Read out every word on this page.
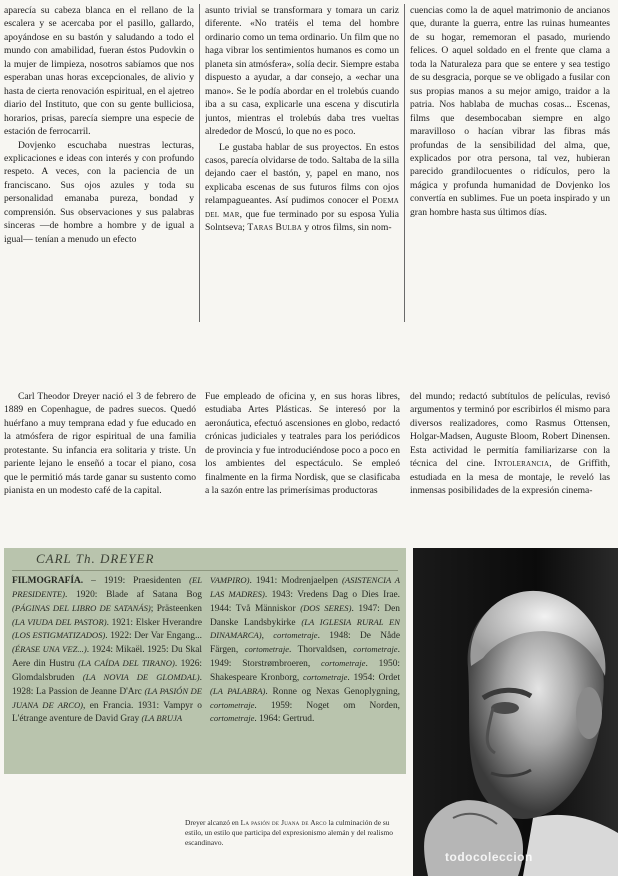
aparecía su cabeza blanca en el rellano de la escalera y se acercaba por el pasillo, gallardo, apoyándose en su bastón y saludando a todo el mundo con amabilidad, fueran éstos Pudovkin o la mujer de limpieza, nosotros sabíamos que nos esperaban unas horas excepcionales, de alivio y hasta de cierta renovación espiritual, en el ajetreo diario del Instituto, que con su gente bulliciosa, horarios, prisas, parecía siempre una especie de estación de ferrocarril.

Dovjenko escuchaba nuestras lecturas, explicaciones e ideas con interés y con profundo respeto. A veces, con la paciencia de un franciscano. Sus ojos azules y toda su personalidad emanaba pureza, bondad y comprensión. Sus observaciones y sus palabras sinceras —de hombre a hombre y de igual a igual— tenían a menudo un efecto

asunto trivial se transformara y tomara un cariz diferente. «No tratéis el tema del hombre ordinario como un tema ordinario. Un film que no haga vibrar los sentimientos humanos es como un planeta sin atmósfera», solía decir. Siempre estaba dispuesto a ayudar, a dar consejo, a «echar una mano». Se le podía abordar en el trolebús cuando iba a su casa, explicarle una escena y discutirla juntos, mientras el trolebús daba tres vueltas alrededor de Moscú, lo que no es poco.

Le gustaba hablar de sus proyectos. En estos casos, parecía olvidarse de todo. Saltaba de la silla dejando caer el bastón, y, papel en mano, nos explicaba escenas de sus futuros films con ojos relampagueantes. Así pudimos conocer el Poema del mar, que fue terminado por su esposa Yulia Solntseva; Taras Bulba y otros films, sin nom-

cuencias como la de aquel matrimonio de ancianos que, durante la guerra, entre las ruinas humeantes de su hogar, rememoran el pasado, muriendo felices. O aquel soldado en el frente que clama a toda la Naturaleza para que se entere y sea testigo de su desgracia, porque se ve obligado a fusilar con sus propias manos a su mejor amigo, traidor a la patria. Nos hablaba de muchas cosas... Escenas, films que desembocaban siempre en algo maravilloso o hacían vibrar las fibras más profundas de la sensibilidad del alma, que, explicados por otra persona, tal vez, hubieran parecido grandilocuentes o ridículos, pero la mágica y profunda humanidad de Dovjenko los convertía en sublimes. Fue un poeta inspirado y un gran hombre hasta sus últimos días.

Carl Theodor Dreyer nació el 3 de febrero de 1889 en Copenhague, de padres suecos. Quedó huérfano a muy temprana edad y fue educado en la atmósfera de rigor espiritual de una familia protestante. Su infancia era solitaria y triste. Un pariente lejano le enseñó a tocar el piano, cosa que le permitió más tarde ganar su sustento como pianista en un modesto café de la capital.

Fue empleado de oficina y, en sus horas libres, estudiaba Artes Plásticas. Se interesó por la aeronáutica, efectuó ascensiones en globo, redactó crónicas judiciales y teatrales para los periódicos de provincia y fue introduciéndose poco a poco en los ambientes del espectáculo. Se empleó finalmente en la firma Nordisk, que se clasificaba a la sazón entre las primerísimas productoras

del mundo; redactó subtítulos de películas, revisó argumentos y terminó por escribirlos él mismo para diversos realizadores, como Rasmus Ottensen, Holgar-Madsen, Auguste Bloom, Robert Dinensen. Esta actividad le permitía familiarizarse con la técnica del cine. Intolerancia, de Griffith, estudiada en la mesa de montaje, le reveló las inmensas posibilidades de la expresión cinema-

CARL Th. DREYER
FILMOGRAFÍA. – 1919: Praesidenten (EL PRESIDENTE). 1920: Blade af Satana Bog (PÁGINAS DEL LIBRO DE SATANÁS); Prästeenken (LA VIUDA DEL PASTOR). 1921: Elsker Hverandre (LOS ESTIGMATIZADOS). 1922: Der Var Engang... (ÉRASE UNA VEZ...). 1924: Mikaël. 1925: Du Skal Aere din Hustru (LA CAÍDA DEL TIRANO). 1926: Glomdalsbruden (LA NOVIA DE GLOMDAL). 1928: La Passion de Jeanne D'Arc (LA PASIÓN DE JUANA DE ARCO), en Francia. 1931: Vampyr o L'étrange aventure de David Gray (LA BRUJA
VAMPIRO). 1941: Modrenjaelpen (ASISTENCIA A LAS MADRES). 1943: Vredens Dag o Dies Irae. 1944: Två Människor (DOS SERES). 1947: Den Danske Landsbykirke (LA IGLESIA RURAL EN DINAMARCA), cortometraje. 1948: De Nåde Färgen, cortometraje. Thorvaldsen, cortometraje. 1949: Storstrømbroeren, cortometraje. 1950: Shakespeare Kronborg, cortometraje. 1954: Ordet (LA PALABRA). Ronne og Nexas Genoplygning, cortometraje. 1959: Noget om Norden, cortometraje. 1964: Gertrud.
todocoleccion
Dreyer alcanzó en La pasión de Juana de Arco la culminación de su estilo, un estilo que participa del expresionismo alemán y del realismo escandinavo.
